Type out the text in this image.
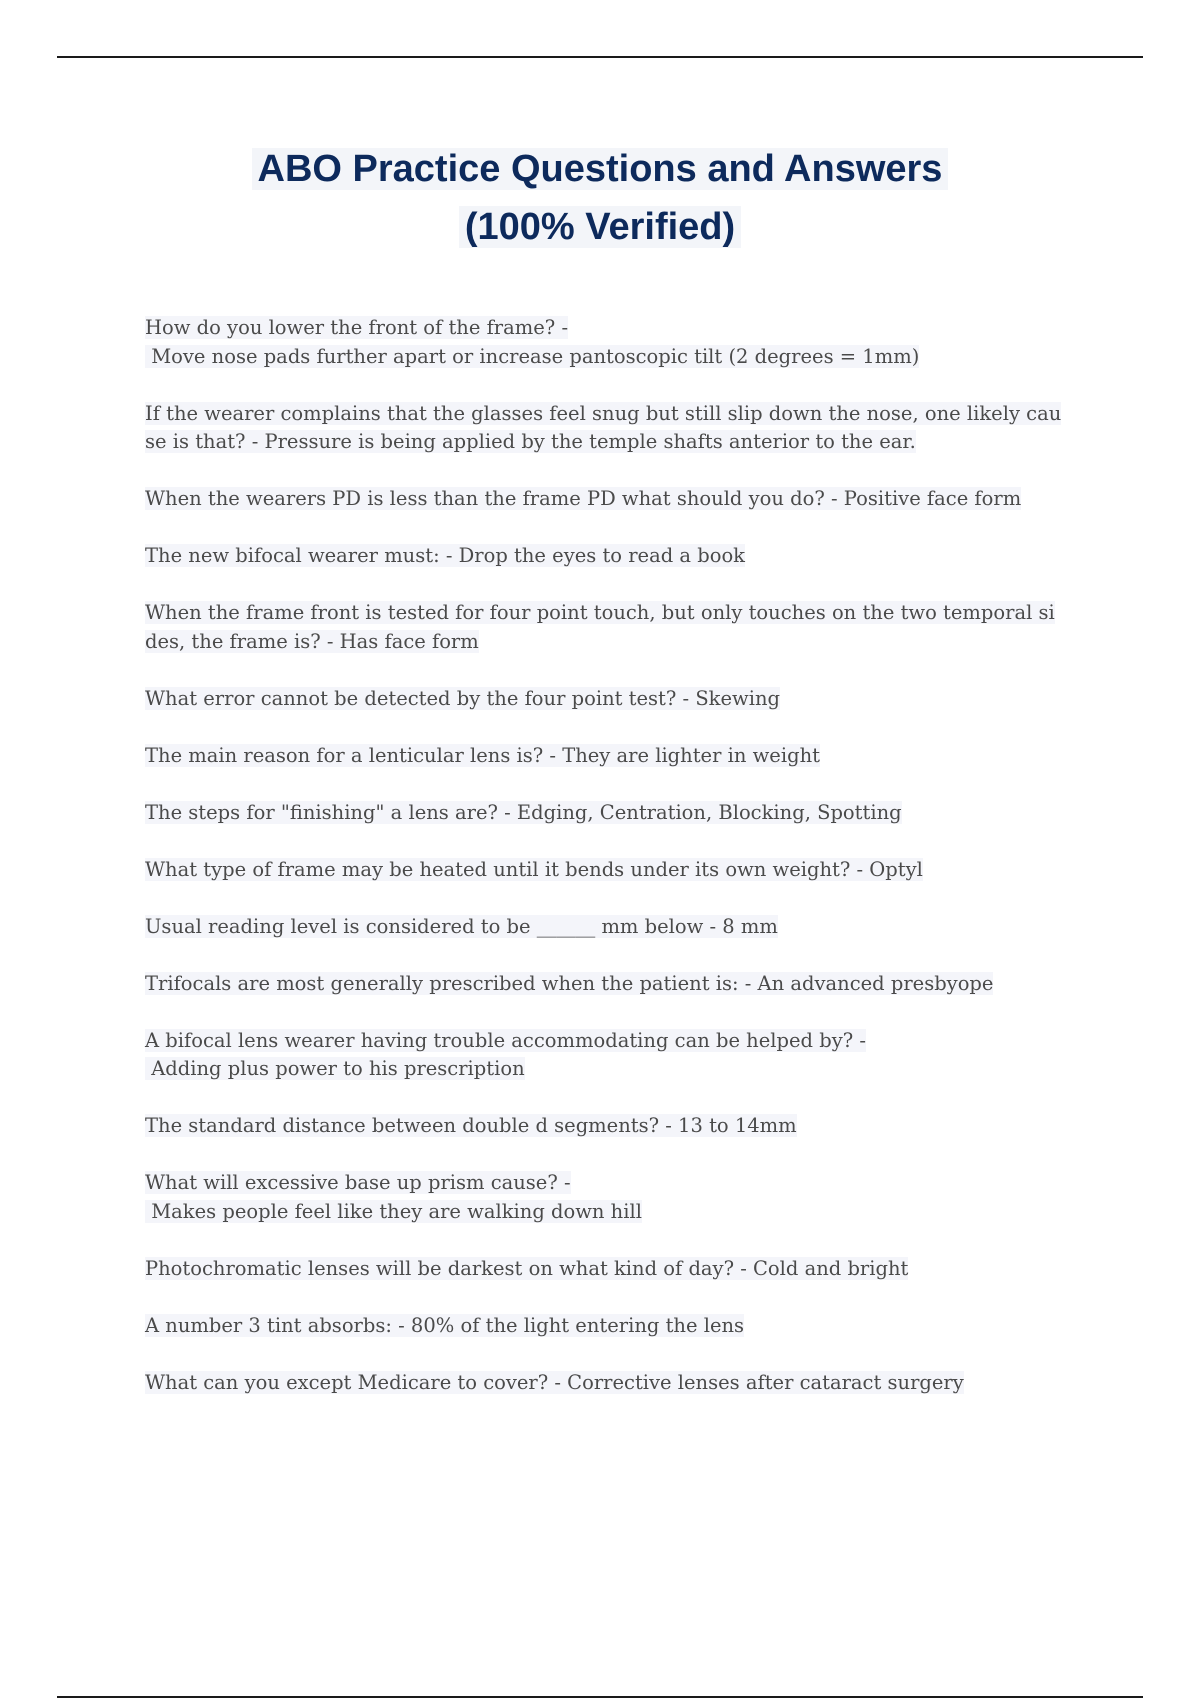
ABO Practice Questions and Answers
(100% Verified)
How do you lower the front of the frame? -
Move nose pads further apart or increase pantoscopic tilt (2 degrees = 1mm)
If the wearer complains that the glasses feel snug but still slip down the nose, one likely cau
se is that? - Pressure is being applied by the temple shafts anterior to the ear.
When the wearers PD is less than the frame PD what should you do? - Positive face form
The new bifocal wearer must: - Drop the eyes to read a book
When the frame front is tested for four point touch, but only touches on the two temporal si
des, the frame is? - Has face form
What error cannot be detected by the four point test? - Skewing
The main reason for a lenticular lens is? - They are lighter in weight
The steps for "finishing" a lens are? - Edging, Centration, Blocking, Spotting
What type of frame may be heated until it bends under its own weight? - Optyl
Usual reading level is considered to be ______ mm below - 8 mm
Trifocals are most generally prescribed when the patient is: - An advanced presbyope
A bifocal lens wearer having trouble accommodating can be helped by? -
Adding plus power to his prescription
The standard distance between double d segments? - 13 to 14mm
What will excessive base up prism cause? -
Makes people feel like they are walking down hill
Photochromatic lenses will be darkest on what kind of day? - Cold and bright
A number 3 tint absorbs: - 80% of the light entering the lens
What can you except Medicare to cover? - Corrective lenses after cataract surgery
